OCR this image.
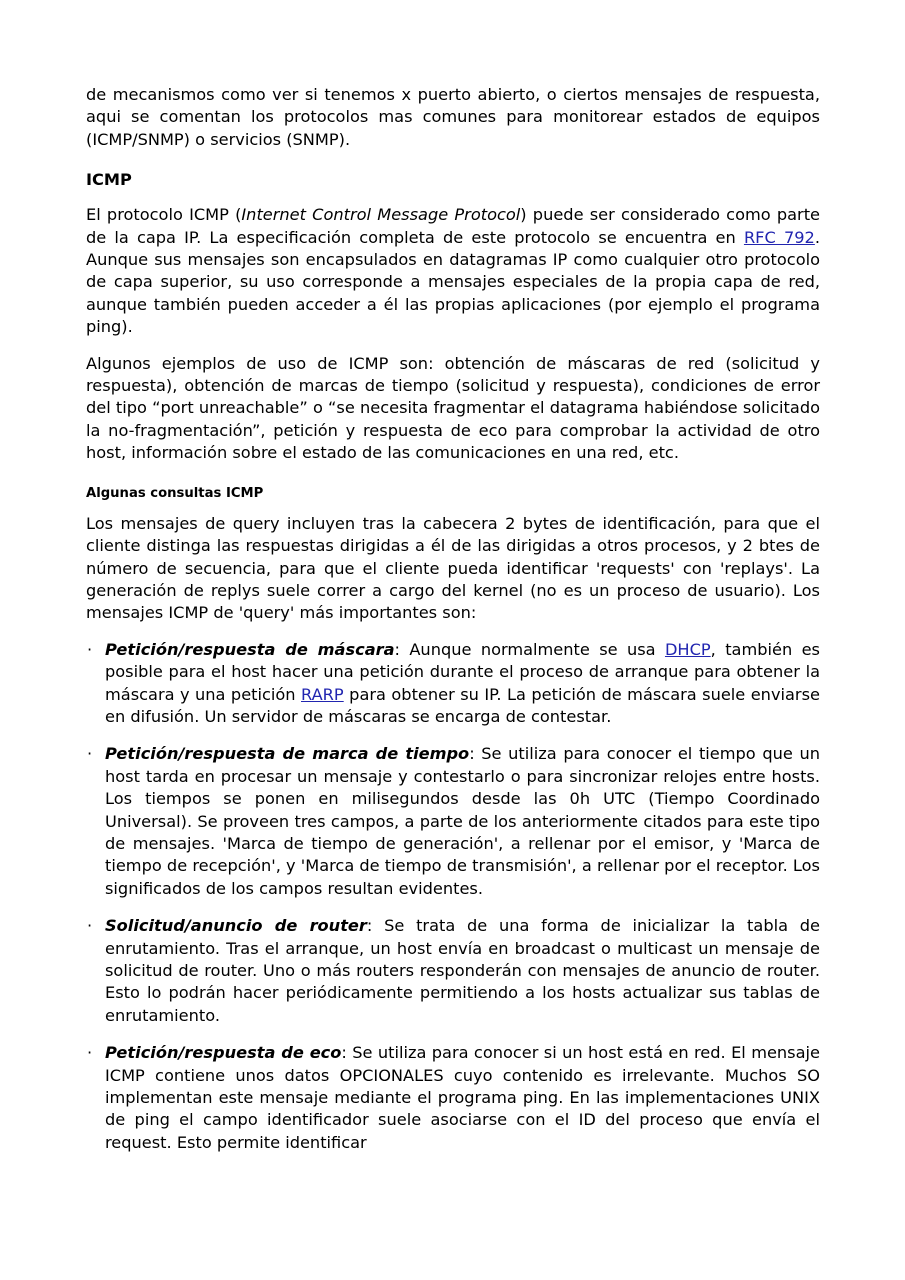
de mecanismos como ver si tenemos x puerto abierto, o ciertos mensajes de respuesta, aqui se comentan los protocolos mas comunes para monitorear estados de equipos (ICMP/SNMP) o servicios (SNMP).

ICMP

El protocolo ICMP (Internet Control Message Protocol) puede ser considerado como parte de la capa IP. La especificación completa de este protocolo se encuentra en RFC 792. Aunque sus mensajes son encapsulados en datagramas IP como cualquier otro protocolo de capa superior, su uso corresponde a mensajes especiales de la propia capa de red, aunque también pueden acceder a él las propias aplicaciones (por ejemplo el programa ping).

Algunos ejemplos de uso de ICMP son: obtención de máscaras de red (solicitud y respuesta), obtención de marcas de tiempo (solicitud y respuesta), condiciones de error del tipo “port unreachable” o “se necesita fragmentar el datagrama habiéndose solicitado la no-fragmentación”, petición y respuesta de eco para comprobar la actividad de otro host, información sobre el estado de las comunicaciones en una red, etc.

Algunas consultas ICMP

Los mensajes de query incluyen tras la cabecera 2 bytes de identificación, para que el cliente distinga las respuestas dirigidas a él de las dirigidas a otros procesos, y 2 btes de número de secuencia, para que el cliente pueda identificar 'requests' con 'replays'. La generación de replys suele correr a cargo del kernel (no es un proceso de usuario). Los mensajes ICMP de 'query' más importantes son:

· Petición/respuesta de máscara: Aunque normalmente se usa DHCP, también es posible para el host hacer una petición durante el proceso de arranque para obtener la máscara y una petición RARP para obtener su IP. La petición de máscara suele enviarse en difusión. Un servidor de máscaras se encarga de contestar.
· Petición/respuesta de marca de tiempo: Se utiliza para conocer el tiempo que un host tarda en procesar un mensaje y contestarlo o para sincronizar relojes entre hosts. Los tiempos se ponen en milisegundos desde las 0h UTC (Tiempo Coordinado Universal). Se proveen tres campos, a parte de los anteriormente citados para este tipo de mensajes. 'Marca de tiempo de generación', a rellenar por el emisor, y 'Marca de tiempo de recepción', y 'Marca de tiempo de transmisión', a rellenar por el receptor. Los significados de los campos resultan evidentes.
· Solicitud/anuncio de router: Se trata de una forma de inicializar la tabla de enrutamiento. Tras el arranque, un host envía en broadcast o multicast un mensaje de solicitud de router. Uno o más routers responderán con mensajes de anuncio de router. Esto lo podrán hacer periódicamente permitiendo a los hosts actualizar sus tablas de enrutamiento.
· Petición/respuesta de eco: Se utiliza para conocer si un host está en red. El mensaje ICMP contiene unos datos OPCIONALES cuyo contenido es irrelevante. Muchos SO implementan este mensaje mediante el programa ping. En las implementaciones UNIX de ping el campo identificador suele asociarse con el ID del proceso que envía el request. Esto permite identificar
